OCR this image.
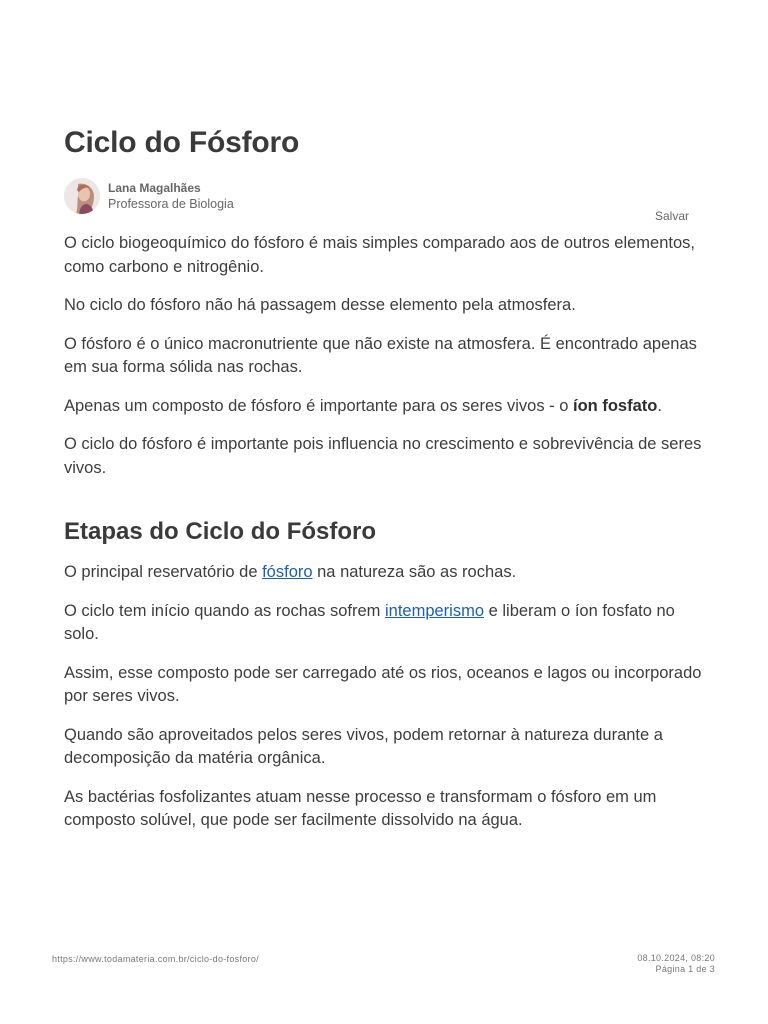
Ciclo do Fósforo
Lana Magalhães
Professora de Biologia
Salvar

O ciclo biogeoquímico do fósforo é mais simples comparado aos de outros elementos, como carbono e nitrogênio.

No ciclo do fósforo não há passagem desse elemento pela atmosfera.

O fósforo é o único macronutriente que não existe na atmosfera. É encontrado apenas em sua forma sólida nas rochas.

Apenas um composto de fósforo é importante para os seres vivos - o íon fosfato.

O ciclo do fósforo é importante pois influencia no crescimento e sobrevivência de seres vivos.

Etapas do Ciclo do Fósforo

O principal reservatório de fósforo na natureza são as rochas.

O ciclo tem início quando as rochas sofrem intemperismo e liberam o íon fosfato no solo.

Assim, esse composto pode ser carregado até os rios, oceanos e lagos ou incorporado por seres vivos.

Quando são aproveitados pelos seres vivos, podem retornar à natureza durante a decomposição da matéria orgânica.

As bactérias fosfolizantes atuam nesse processo e transformam o fósforo em um composto solúvel, que pode ser facilmente dissolvido na água.

https://www.todamateria.com.br/ciclo-do-fosforo/	08.10.2024, 08:20
Página 1 de 3
